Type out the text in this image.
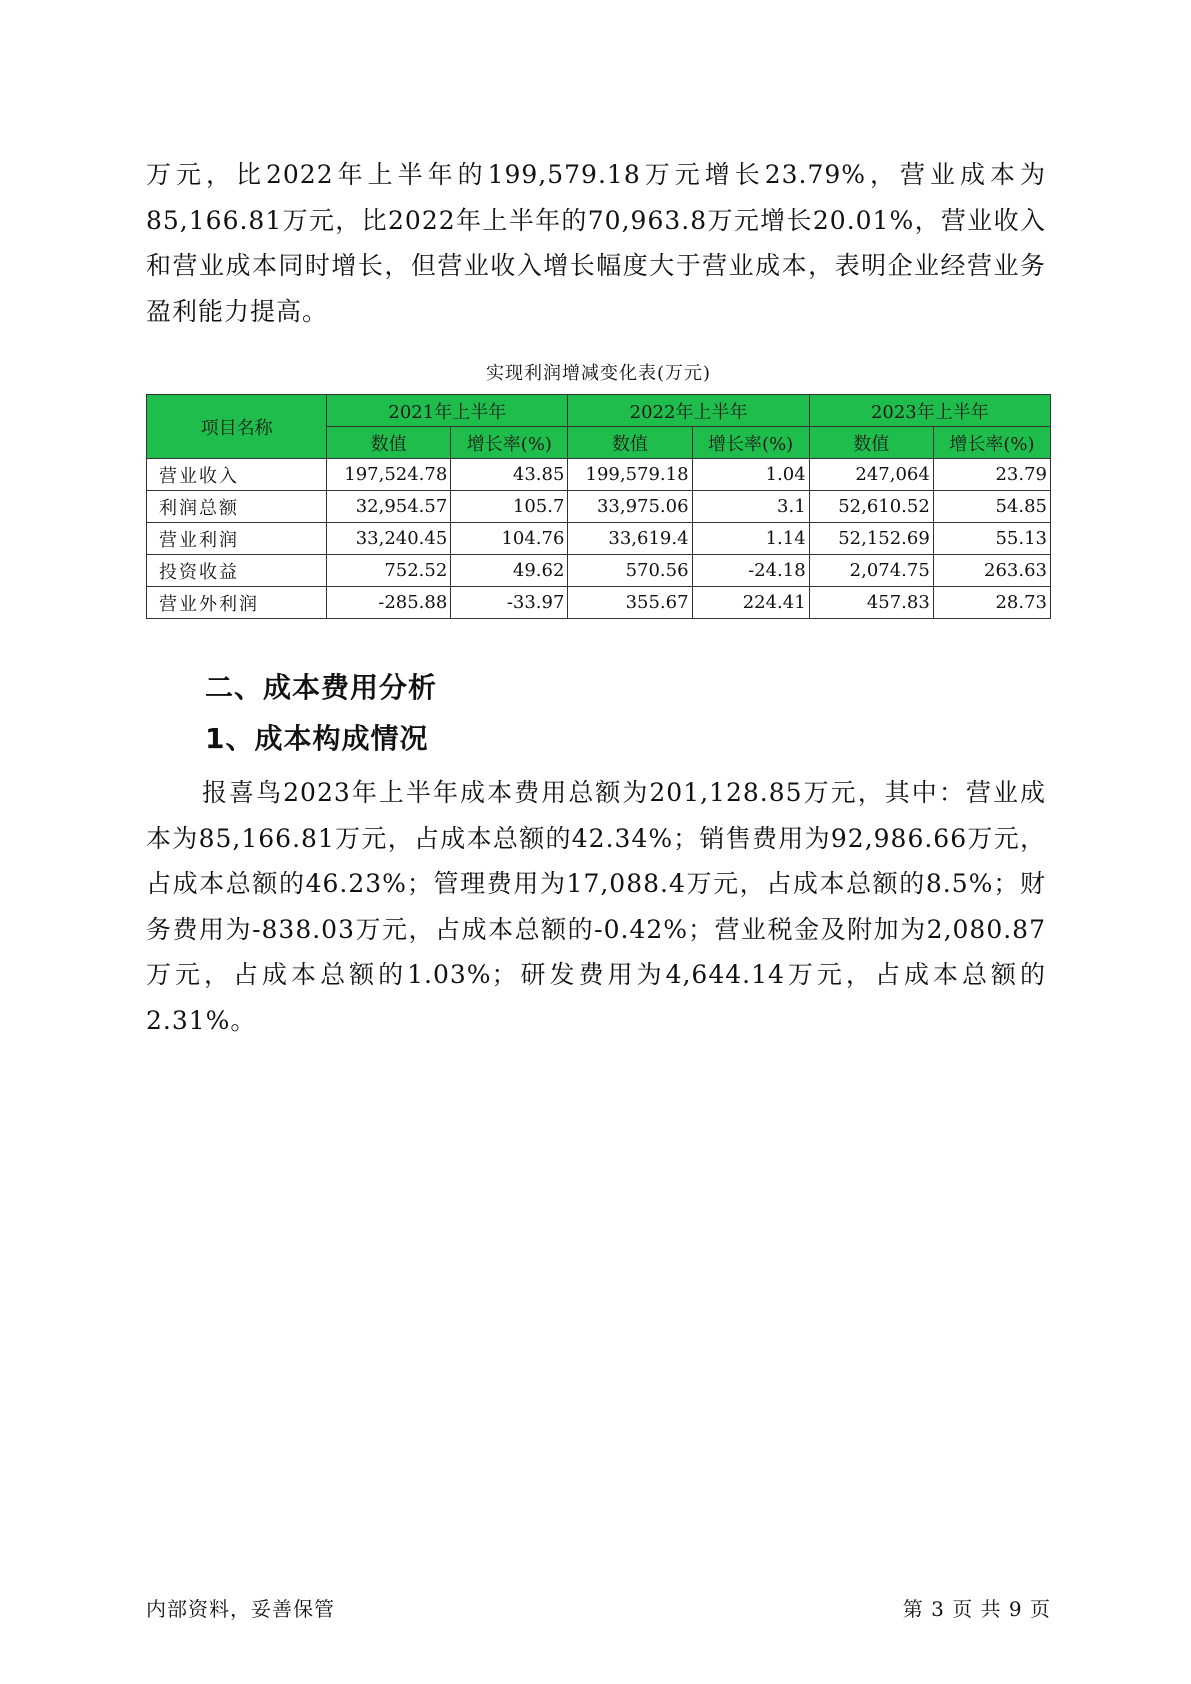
万元，比2022年上半年的199,579.18万元增长23.79%，营业成本为85,166.81万元，比2022年上半年的70,963.8万元增长20.01%，营业收入和营业成本同时增长，但营业收入增长幅度大于营业成本，表明企业经营业务盈利能力提高。

实现利润增减变化表(万元)
项目名称	2021年上半年		2022年上半年		2023年上半年	
	数值	增长率(%)	数值	增长率(%)	数值	增长率(%)
营业收入	197,524.78	43.85	199,579.18	1.04	247,064	23.79
利润总额	32,954.57	105.7	33,975.06	3.1	52,610.52	54.85
营业利润	33,240.45	104.76	33,619.4	1.14	52,152.69	55.13
投资收益	752.52	49.62	570.56	-24.18	2,074.75	263.63
营业外利润	-285.88	-33.97	355.67	224.41	457.83	28.73
二、成本费用分析
1、成本构成情况

报喜鸟2023年上半年成本费用总额为201,128.85万元，其中：营业成本为85,166.81万元，占成本总额的42.34%；销售费用为92,986.66万元，占成本总额的46.23%；管理费用为17,088.4万元，占成本总额的8.5%；财务费用为-838.03万元，占成本总额的-0.42%；营业税金及附加为2,080.87万元，占成本总额的1.03%；研发费用为4,644.14万元，占成本总额的2.31%。

内部资料，妥善保管	第 3 页 共 9 页
